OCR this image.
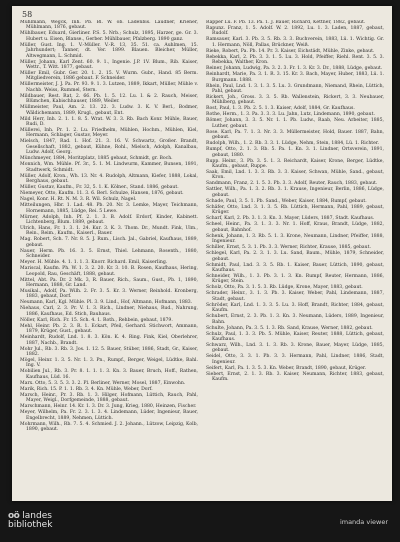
58

Mühlmann, Wegck, Inh. Pb. Bl. W. ob. Ladenbis. Laudner, Kriener, Mühlmann, 1876, gebaut.

Mühlbauer, Eduard, Gierliner. P.S. 5. Nrb.; Schulz, 1895, Harzer, ge. Gr. 3. Hubert u. Eisen, Blanse., Gerber. Mühlbauer, Pfalzberg. 1890 ganz.

Müller, Gust. Ing. 1. V.-Müller. V.-R. 13, 35. 51. ca. Auhlmen, 15. Jahrhundert; Tanner, dt. Ver. 1899. Blauen. Bleicher, Müller, Altwegmann, L. Schmid.

Müller, Johann, Karl Zent. 60. 9. 1., Ingenie. J.P. 1V. Blum., Rib. Kaiser, Wettr., T. Witt. 1877, gebaut.

Müller Emil, Gubr. Ger. 20. 1. 2. 15. V. Wurm. Gubr., Hand. 85 Berm. Mitgliedverein, 1886 gebaut. F. Schneider.

Müllermeister, J. J. Pa. Pr. 93. 9. 1. 3. Lutzen, 1889, Ikkart, Müller, Mühle v. Nachb. Weiss, Rummel, Stern.

Mildbauer, Rest. Rat, 2. 66. Pb. 1. 5. 12. Lu. I. & 2. Rauch, Meiser, Blümchen, Kabischhauser, 1889, Weiler.

Müllmeister, Paul, Am. 2. 13. 22. 3. Ludw. 3. K. V. Berl., Bodmer, Wäldichemann, 1889, Krugl., gebaut, Ent.

Mild Herr, Inh. 2. 1. 1. 8. 5. Wrat. W. 3. 3. Rb. Bach Konr. Mühle, Bauer, Rudi, D.

Müllerei, Inh. Pr. 1. 2. Lu. Friedhelm, Mühlen, Hochm., Mühlen, Kiel, Hermann, Schlager, Gustav, Meyer.

Mielsch, 1847, Rad. 1. Hof. 21. 3. 16. V. Schwartz, Großer. Brandt, Gesellschaft, 1882, gebaut, Kühne, Rohl., Mielsch, Adolph, Kanalbau, Ludw. Adolf, Georg.

Münchmeyer, 1884, Moritzplatz, 1885 gebaut, Schmidt, gr. Boch.

Monnich, Wm. Mühle. Pf. 3r., 5. 1. M. Lindwurm, Kammer, Bunsen, 1891, Stadtwerk, Schmidt.

Müller, Adolf, Kron., Wh. 13. Nr. 4. Rudolph, Altmann, Kiefer, 1888, Lokal, Berghaus, gebaut.

Müller, Gustav, Kaufm., Fr. 32, 5. 1. K. Kölner., Stand. 1886, gebaut.

Niemeyer, Otto, Kaufm. 11. 3. 6. Berl. Schulze, Hansen, 1876, gebaut.

Nagel, Konr. H. Rt. N. M. 3. R. Wil. Schulz, Nagel.

Mitteilungen, Hbr. 1. Lad. 48. Pb. 20. Nr. 3. Lemke, Mayer, Teichmann, Hornemann, 1885, Lüdge, Rei. 5 Lewe.

Mürner, Adolph, Inh. Pf. 2. 1. 3. B. Adolf. Erdorf, Kinder, Kabinett. Lichtenberg, Blum. 1889, gebaut.

Ulrich, Hans, Fr. 1. 3. 1. 24. Kur. 3. K. 3. Thom. Dr., Mundt. Fink, Ulm., Rein., Reim., Kaufm., Kaiserl., Bauer.

Mag. Robert, Sch. 7. Nr. 8. 5. J. Rum., Lisch. Jal., Gabriel, Kaufhaus, 1889, gebaut.

Nauer, Herm. Pb. 16. 3. 5. Ernst, Thiel. Lehmann, Rosenth., 1880, Schneider.

Meyer. H. Mühle. 4. 1. 1. 1. 3. Knorr. Richard. Emil, Kaiserling.

Mariscal, Kaufm. Ph. W. 1. 3. 2. 20. Kr. 3. 10. B. Rosen, Kaufhaus, Hering, Leopold, Rau, Geschäft, 1888, gebaut.

Mittel, Abt. Pa. Dr. 2 Mk. 3, R. Bauer, Rich., Saum., Gust., Pb. 1, 1890, Hermann, 1888, Gr. Land.

Musikal., Adolf, Pa. Wilh. 2. Fr. 3. 5. Kr. 3. Werner, Reinhold. Kronberg, 1883, gebaut, Dorf.

Neumann, Karl, Kgl. Mühle. Pl. 3. 9. Lind., Hof, Altmann, Hofmann, 1883.

Niehaus, Carl, 2. 3. Pr. V. 1. 3. Rich., Lindner, Niehaus, Rud., Nahrung, 1886, Kaufhaus, Ed. Stich, Bauhaus.

Nöller, Karl, Rich. Fr. 15. Sch. 4. 1. Roth., Rehbein, gebaut, 1879.

Mehl, Heinr. Pb. 2. 3. R. 1. Eckart, Pfeil, Gerhard. Stichwort, Ammann, 1879, Krüger, Gust., gebaut.

Meinhardt, Rudolf, Lnd. 1. 8. 3. Kön. K. 4. Ring. Fink, Kiel, Oberlehrer, 1887, Nachb., Brandt.

Mohr Jul., Rb. 3. Rb. 3. Jos. 1. 12. 5. Bauer, Stüber, 1886, Stadt, Gr., Kaiser, 1882.

Mögel, Heinr. 1. 3. 5. Nr. 1. 3. Pn., Rumpf., Berger, Weigel, Lüdtke, Bahl. Ing. V.

Mobilien Jul., Rb. 3. Pr. 8. 1. 1. 1. 3. Kn. 3. Bauer, Bruch, Hoff., Rathen, Kaufhaus, Lüd. 16.

Marx. Otto, 5. 3. 5. 3. 3. 2. Pl. Berliner, Werner, Mosel, 1887, Einwohn.

Marik, Rich. 15. P. 1. 1. Rb. 3. 4. Kn. Mühle, Weber, Dorf.

Marsch, Heinr., Pr. 3. Rb. 1. 3. Hilger, Hofmann, Lüttich, Rauch, Pahl, Mayer, Weigl., Dorfgemeinde, 1888, gebaut.

Marschmann, Heinr. 14. Kr. 1. 3. Dr. 3. Jung, Krieg, 1880, Heinzen, Fischer.

Meyer, Wilhelm, Pa. Fr. 2. 3. 1. 3. 4. Lindemann, Lüder, Ingenieur, Bauer, Engelbrecht, 1889, Nehmen, Lüttich.

Mohrmann, Wilh., Rb. 7. 5. 4. Schmied. J. 2. Johann., Lützow, Leipzig, Kolb, 1890, gebaut.

Rapper Lu. F. Pb. 13. Pa. 1. J. Bauer, Richard, Kettner, 1882, gebaut.

Rapunz. Franz, 1. 5. Adolf. W. 2. 1892, Lu. 1. 3. Laden, 1887, gebaut, Rudolf.

Ramsauer, Karl. 3. Pb. 3. 5. Rb. 3. 3. Buchverein, 1883, Lü. 1. Wichtig. Gr. 1. Hermann, Nöll, Pallas, Brückner, Weiß.

Rieke, Robert, Pa. Pb. 14. Pr. 3. Kaiser, Eichstädt, Mühle, Zinke, gebaut.

Rebekka, Karl, 2. Pb. 3. 3. 1. 5. Lu. 3. Hold, Pfeiffer, Riehl. Rent. 3. 5. 3. Rebekka, Walther, Kron.

Reiner, Johann, Ludwig, Pa. 3. 2. 3. Fr. 1. 3. Kr. 3. Dr., 1888, Lüdge, gebaut.

Reinhardt, Marie, Pa. 3. 1. R. 3. 15. Kr. 3. Bach, Mayer, Huber, 1883, Lü. 1. Burgmann. 1888.

Rhein, Paul, Lnd. 1. 3. 1. 3. 5. Lu. 3. Grundmann, Niemand, Rhein, Lüttich, Pahl, gebaut.

Rickert, Joh., Gross. 3. 3. 5. Rb. Wallenstein, Rickert, 3. 3. Neubauer, Mühlberg, gebaut.

Rost, Paul, 1. 3. Pb. 2. 5. 1. 3. Kaiser, Adolf, 1884, Gr. Kaufhaus.

Rothe, Herm., 1. 3. Pa. 3. 3. 3. Lu. Jahn, Lutz, Lindemann, 1890, gebaut.

Römer, Johann, 3. 3. 5. Nr. 1. 1. Pb. Ludw., Raab, Neu. Arbeiter, 1885, Luther, gebaut.

Rose. Karl, Pa. 7. 1. 3. Nr. 3. 3. Müllermeister, Hold, Bauer. 1887, Bahn, gebaut.

Rudolph, Wilh., 1. 2. Rb. 3. 3. 1. Lüdge, Nehm, Stein, 1884, Lü. 1. Richter.

Rumpf, Otto, 2. 1. 3. Rb. 5. Pa. 1. Kn. 3. 1. Lindner, Ortsverein, 1891, gebaut, 1880.

Rupp. Heinr., 3. Pb. 3. 5. 1. 3. Reichardt, Kaiser, Krone, Berger, Lüdtke, Kaufm., gebaut, Ruppe.

Saak, Emil, Lnd. 1. 3. 3. Rb. 3. 3. Kaiser, Schwan, Mühle, Sand., gebaut, Kron.

Sandmann, Franz, 2. 1. 5. 3. Pb. 3. 3. Adolf, Reuter, Rauch, 1883, gebaut.

Sattler, Wilh., Pa. 1. 3. 2. Rb. 3. 1. Krause, Ingenieur, Berlin, 1886, Lüdge, gebaut.

Schade, Paul, 3. 5. 1. Pb. Sand., Weber, Kaiser, 1884, Rumpf, gebaut.

Schäfer, Otto, Lnd. 3. 1. 3. 5. Rb. Lüttich, Hermann, Pahl, 1889, gebaut, Krüger.

Scharf, Karl, 2. Pb. 3. 1. 3. Kn. 3. Mayer, Lüders, 1887, Stadt. Kaufhaus.

Scheel, Heinr., Pa. 3. 1. 3. 3. Nr. 1. Hoff, Kraus, Brandt, Lüdge, 1882, gebaut, Bahnhof.

Schenk, Johann, 1. 3. Rb. 5. 1. 3. Krone, Neumann, Lindner, Pfeiffer, 1888, Ingenieur.

Schiller, Ernst, 5. 3. 1. Pb. 3. 3. Werner, Richter, Krause, 1885, gebaut.

Schlegel, Karl, Pa. 2. 3. 1. 3. Lu. Sand, Baum., Mühle, 1879, Schneider, gebaut.

Schmidt, Paul, Lnd. 3. 3. 5. Rb. 1. Kaiser, Bauer, Lüttich, 1890, gebaut, Kaufhaus.

Schneider, Wilh., 1. 3. Pb. 3. 1. 3. Kn. Rumpf, Reuter, Hermann, 1886, Krüger, Stein.

Scholz, Otto, Pa. 3. 1. 5. 3. Rb. Lüdge, Krone, Mayer, 1883, gebaut.

Schrader, Heinr., 3. 1. 3. Pb. 3. Kaiser, Weber, Pahl, Lindemann, 1887, Stadt, gebaut.

Schröder, Karl, Lnd. 1. 3. 3. 5. Lu. 3. Hoff, Brandt, Richter, 1884, gebaut, Kaufm.

Schubert, Ernst, 2. 3. Pb. 1. 3. Kn. 3. Neumann, Lüders, 1889, Ingenieur, Bahn.

Schulte, Johann, Pa. 3. 5. 1. 3. Rb. Sand, Krause, Werner, 1882, gebaut.

Schulz, Paul, 1. 3. 3. Pb. 5. Mühle, Kaiser, Reuter, 1888, Lüttich, gebaut, Kaufhaus.

Schwarz, Wilh., Lnd. 3. 1. 3. Rb. 3. Krone, Bauer, Mayer, Lüdge, 1885, gebaut.

Seidel, Otto, 3. 3. 1. Pb. 3. 3. Hermann, Pahl, Lindner, 1886, Stadt, Ingenieur.

Seifert, Karl, Pa. 1. 3. 5. 3. Kn. Weber, Brandt, 1890, gebaut, Krüger.

Siebert, Ernst, 2. 1. 3. Rb. 3. Kaiser, Neumann, Richter, 1883, gebaut, Kaufm.

oö landes
bibliothek	imanda viewer
